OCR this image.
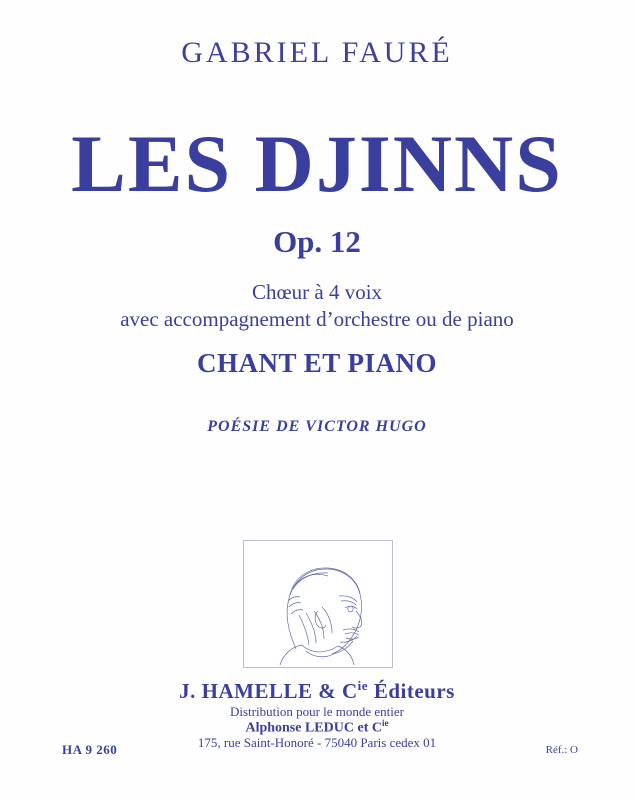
GABRIEL FAURÉ
LES DJINNS
Op. 12
Chœur à 4 voix
avec accompagnement d’orchestre ou de piano
CHANT ET PIANO
POÉSIE DE VICTOR HUGO
J. HAMELLE & $C^{ie}$ Éditeurs
Distribution pour le monde entier
Alphonse LEDUC et $C^{ie}$
175, rue Saint-Honoré - 75040 Paris cedex 01
HA 9 260	Réf.: O
